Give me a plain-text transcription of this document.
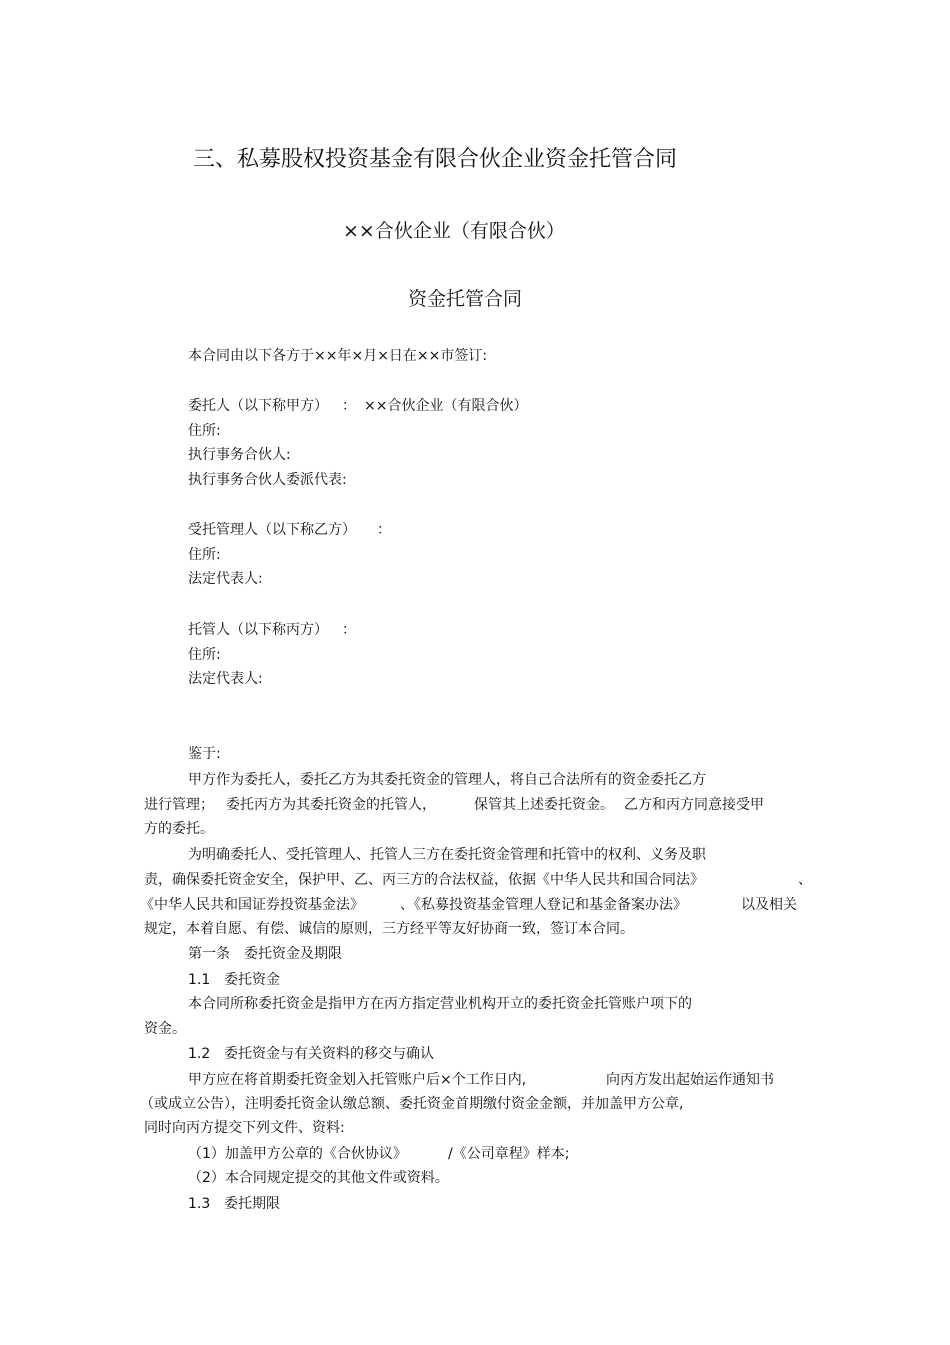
三、私募股权投资基金有限合伙企业资金托管合同
××合伙企业（有限合伙）
资金托管合同
本合同由以下各方于××年×月×日在××市签订:
委托人（以下称甲方） ： ××合伙企业（有限合伙）
住所:
执行事务合伙人:
执行事务合伙人委派代表:
受托管理人（以下称乙方） ：
住所:
法定代表人:
托管人（以下称丙方） ：
住所:
法定代表人:
鉴于:
甲方作为委托人，委托乙方为其委托资金的管理人，将自己合法所有的资金委托乙方
进行管理； 委托丙方为其委托资金的托管人，	保管其上述委托资金。 乙方和丙方同意接受甲
方的委托。
为明确委托人、受托管理人、托管人三方在委托资金管理和托管中的权利、义务及职
责，确保委托资金安全，保护甲、乙、丙三方的合法权益，依据《中华人民共和国合同法》	、
《中华人民共和国证券投资基金法》	、《私募投资基金管理人登记和基金备案办法》	以及相关
规定，本着自愿、有偿、诚信的原则，三方经平等友好协商一致，签订本合同。
第一条　委托资金及期限
1.1 委托资金
本合同所称委托资金是指甲方在丙方指定营业机构开立的委托资金托管账户项下的
资金。
1.2 委托资金与有关资料的移交与确认
甲方应在将首期委托资金划入托管账户后×个工作日内,	向丙方发出起始运作通知书
（或成立公告），注明委托资金认缴总额、委托资金首期缴付资金金额，并加盖甲方公章,
同时向丙方提交下列文件、资料:
（1）加盖甲方公章的《合伙协议》	/《公司章程》样本;
（2）本合同规定提交的其他文件或资料。
1.3 委托期限
